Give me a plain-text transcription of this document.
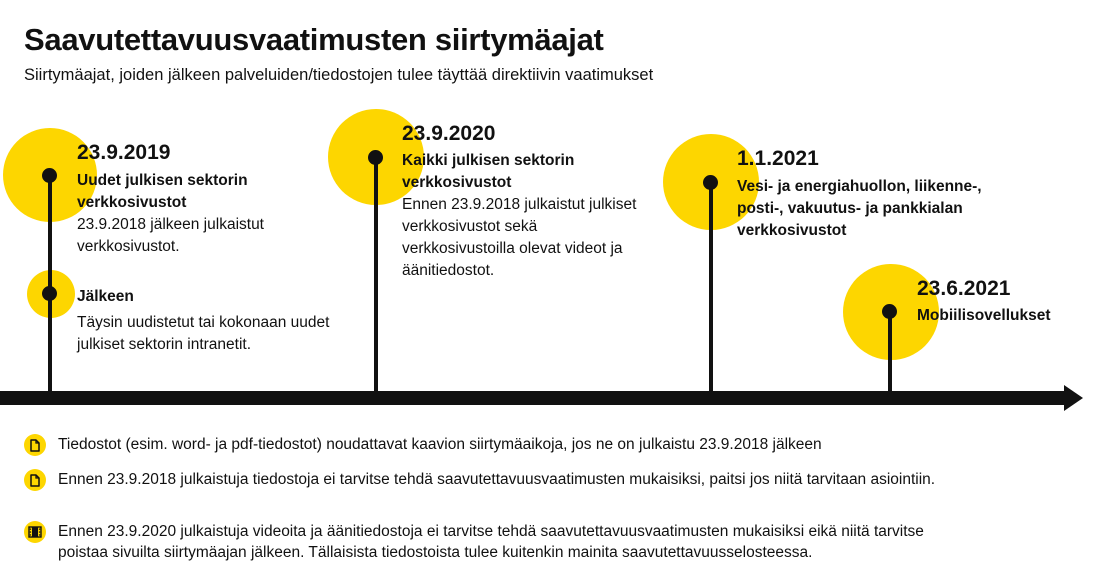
Saavutettavuusvaatimusten siirtymäajat

Siirtymäajat, joiden jälkeen palveluiden/tiedostojen tulee täyttää direktiivin vaatimukset

23.9.2019
Uudet julkisen sektorin verkkosivustot
23.9.2018 jälkeen julkaistut verkkosivustot.
Jälkeen
Täysin uudistetut tai kokonaan uudet julkiset sektorin intranetit.
23.9.2020
Kaikki julkisen sektorin verkkosivustot
Ennen 23.9.2018 julkaistut julkiset verkkosivustot sekä verkkosivustoilla olevat videot ja äänitiedostot.
1.1.2021
Vesi- ja energiahuollon, liikenne-, posti-, vakuutus- ja pankkialan verkkosivustot
23.6.2021
Mobiilisovellukset
Tiedostot (esim. word- ja pdf-tiedostot) noudattavat kaavion siirtymäaikoja, jos ne on julkaistu 23.9.2018 jälkeen
Ennen 23.9.2018 julkaistuja tiedostoja ei tarvitse tehdä saavutettavuusvaatimusten mukaisiksi, paitsi jos niitä tarvitaan asiointiin.
Ennen 23.9.2020 julkaistuja videoita ja äänitiedostoja ei tarvitse tehdä saavutettavuusvaatimusten mukaisiksi eikä niitä tarvitse poistaa sivuilta siirtymäajan jälkeen. Tällaisista tiedostoista tulee kuitenkin mainita saavutettavuusselosteessa.
